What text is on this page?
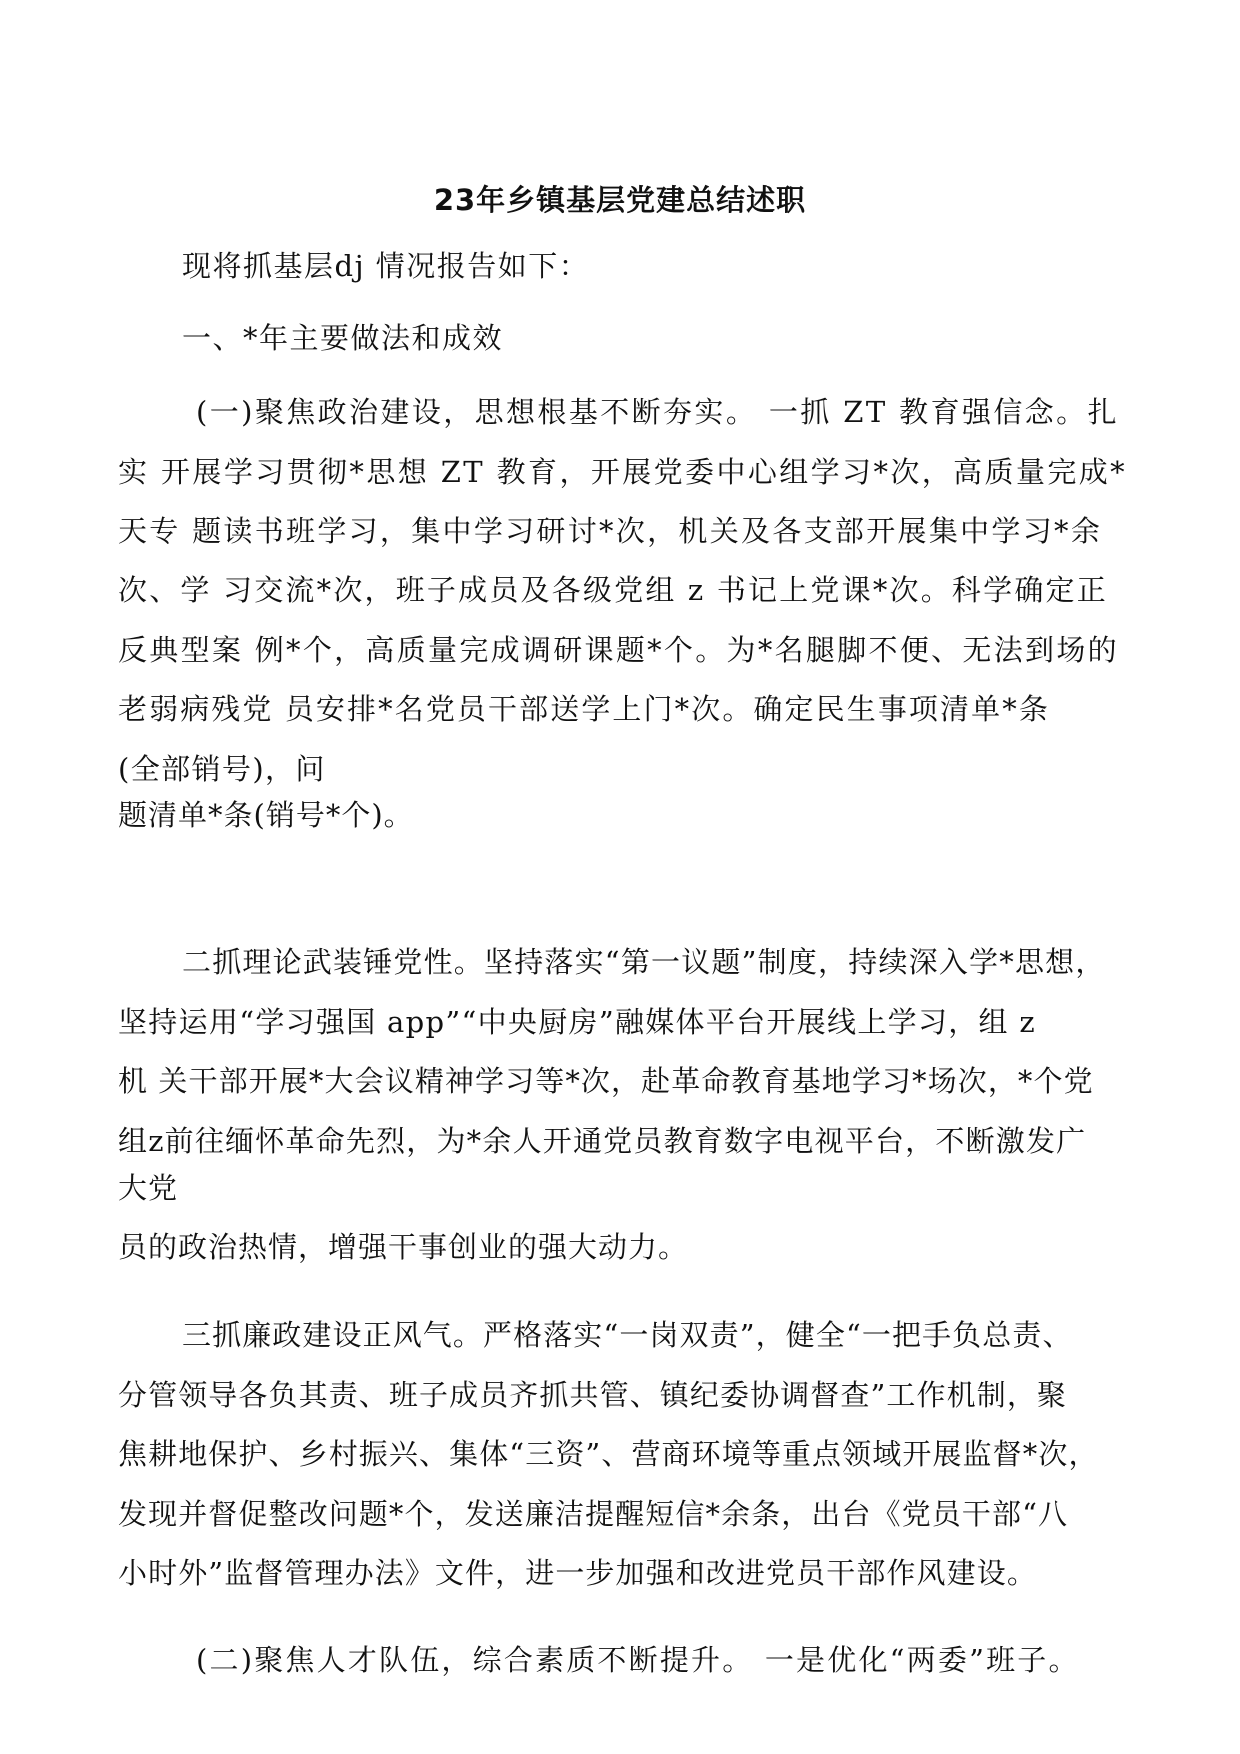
23年乡镇基层党建总结述职
现将抓基层dj 情况报告如下：
一、*年主要做法和成效
(一)聚焦政治建设，思想根基不断夯实。 一抓 ZT 教育强信念。扎
实 开展学习贯彻*思想 ZT 教育，开展党委中心组学习*次，高质量完成*
天专 题读书班学习，集中学习研讨*次，机关及各支部开展集中学习*余
次、学 习交流*次，班子成员及各级党组 z 书记上党课*次。科学确定正
反典型案 例*个，高质量完成调研课题*个。为*名腿脚不便、无法到场的
老弱病残党 员安排*名党员干部送学上门*次。确定民生事项清单*条
(全部销号)，问
题清单*条(销号*个)。
二抓理论武装锤党性。坚持落实“第一议题”制度，持续深入学*思想，
坚持运用“学习强国 app”“中央厨房”融媒体平台开展线上学习，组 z
机 关干部开展*大会议精神学习等*次，赴革命教育基地学习*场次，*个党
组z前往缅怀革命先烈，为*余人开通党员教育数字电视平台，不断激发广
大党
员的政治热情，增强干事创业的强大动力。
三抓廉政建设正风气。严格落实“一岗双责”，健全“一把手负总责、
分管领导各负其责、班子成员齐抓共管、镇纪委协调督查”工作机制，聚
焦耕地保护、乡村振兴、集体“三资”、营商环境等重点领域开展监督*次，
发现并督促整改问题*个，发送廉洁提醒短信*余条，出台《党员干部“八
小时外”监督管理办法》文件，进一步加强和改进党员干部作风建设。
(二)聚焦人才队伍，综合素质不断提升。 一是优化“两委”班子。
